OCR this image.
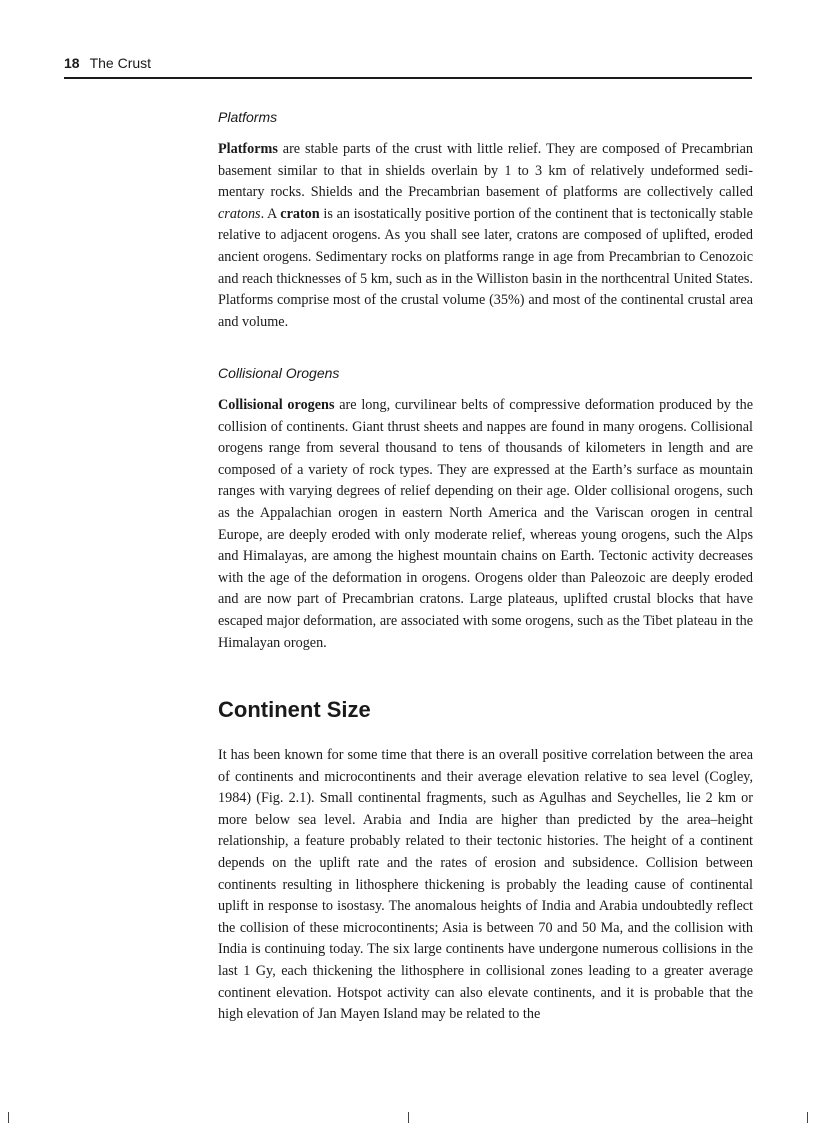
18 The Crust
Platforms

Platforms are stable parts of the crust with little relief. They are composed of Precambrian basement similar to that in shields overlain by 1 to 3 km of relatively undeformed sedimentary rocks. Shields and the Precambrian basement of platforms are collectively called cratons. A craton is an isostatically positive portion of the continent that is tectonically stable relative to adjacent orogens. As you shall see later, cratons are composed of uplifted, eroded ancient orogens. Sedimentary rocks on platforms range in age from Precambrian to Cenozoic and reach thicknesses of 5 km, such as in the Williston basin in the northcentral United States. Platforms comprise most of the crustal volume (35%) and most of the continental crustal area and volume.

Collisional Orogens

Collisional orogens are long, curvilinear belts of compressive deformation produced by the collision of continents. Giant thrust sheets and nappes are found in many orogens. Collisional orogens range from several thousand to tens of thousands of kilometers in length and are composed of a variety of rock types. They are expressed at the Earth’s surface as mountain ranges with varying degrees of relief depending on their age. Older collisional orogens, such as the Appalachian orogen in eastern North America and the Variscan orogen in central Europe, are deeply eroded with only moderate relief, whereas young orogens, such the Alps and Himalayas, are among the highest mountain chains on Earth. Tectonic activity decreases with the age of the deformation in orogens. Orogens older than Paleozoic are deeply eroded and are now part of Precambrian cratons. Large plateaus, uplifted crustal blocks that have escaped major deformation, are associated with some orogens, such as the Tibet plateau in the Himalayan orogen.

Continent Size

It has been known for some time that there is an overall positive correlation between the area of continents and microcontinents and their average elevation relative to sea level (Cogley, 1984) (Fig. 2.1). Small continental fragments, such as Agulhas and Seychelles, lie 2 km or more below sea level. Arabia and India are higher than predicted by the area–height relationship, a feature probably related to their tectonic histories. The height of a continent depends on the uplift rate and the rates of erosion and subsidence. Collision between continents resulting in lithosphere thickening is probably the leading cause of continental uplift in response to isostasy. The anomalous heights of India and Arabia undoubtedly reflect the collision of these microcontinents; Asia is between 70 and 50 Ma, and the collision with India is continuing today. The six large continents have undergone numerous collisions in the last 1 Gy, each thickening the lithosphere in collisional zones leading to a greater average continent elevation. Hotspot activity can also elevate continents, and it is probable that the high elevation of Jan Mayen Island may be related to the
